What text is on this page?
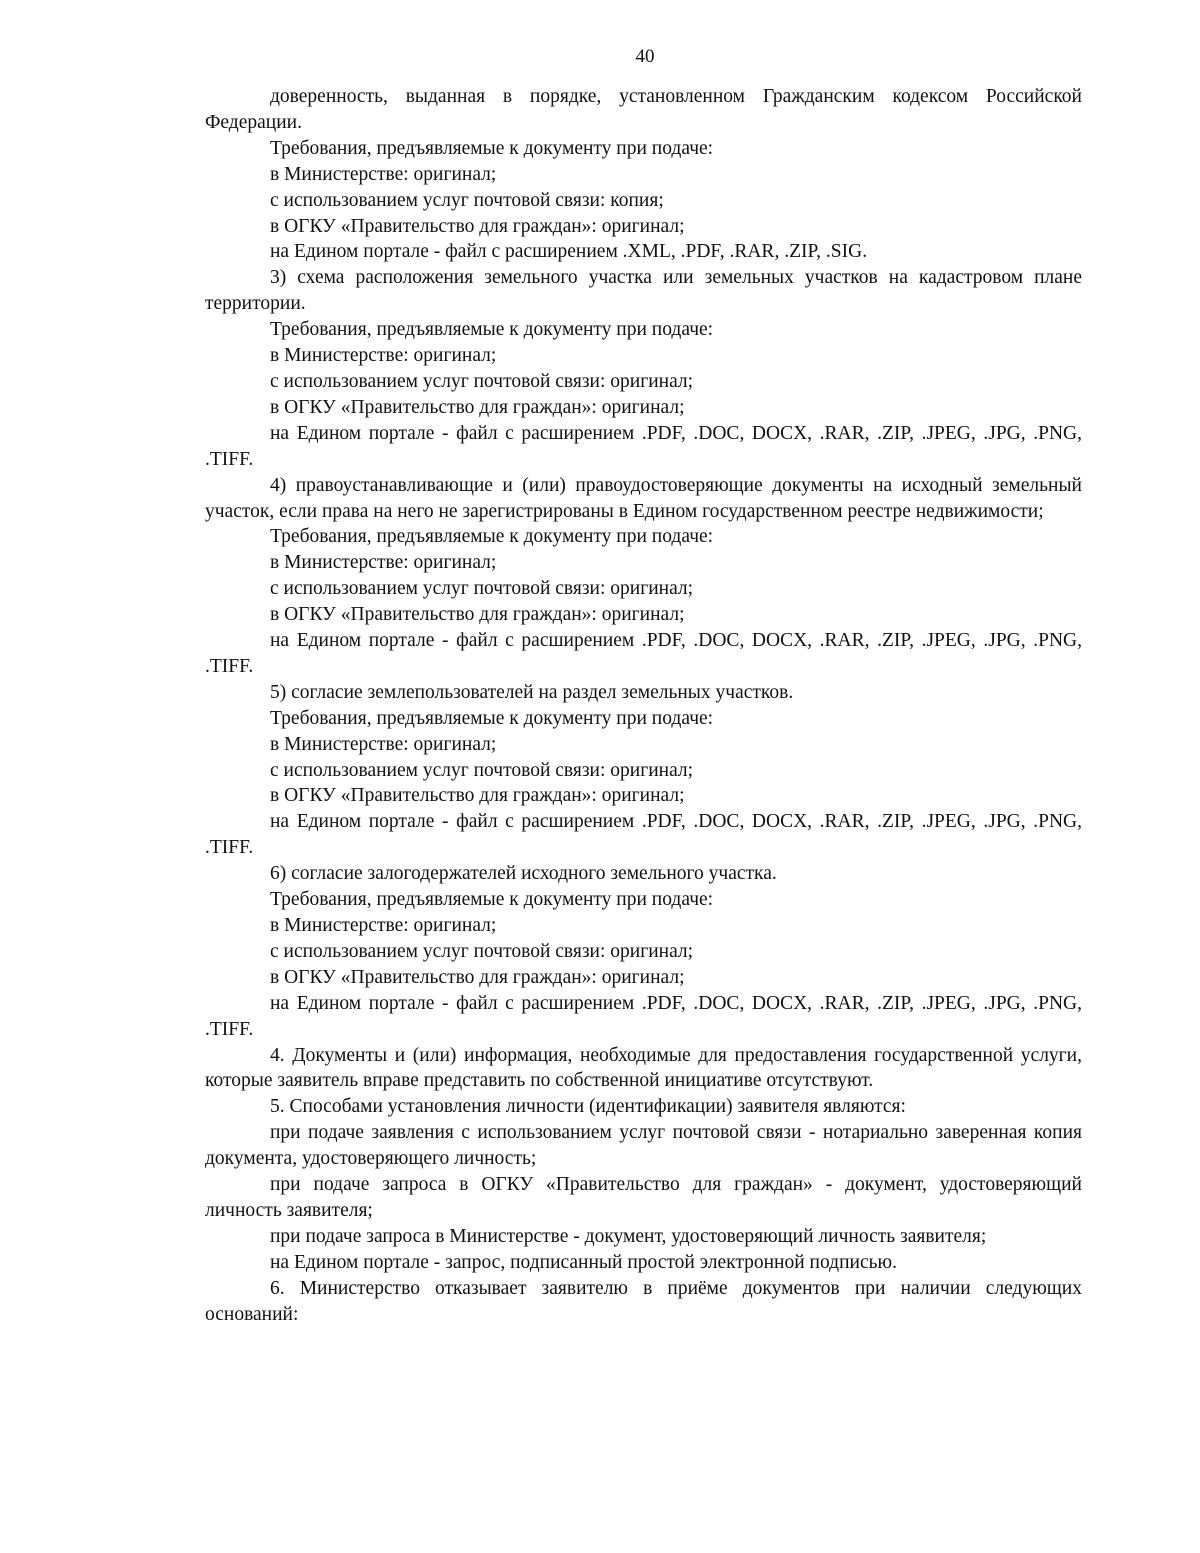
40

доверенность, выданная в порядке, установленном Гражданским кодексом Российской Федерации.

Требования, предъявляемые к документу при подаче:

в Министерстве: оригинал;

с использованием услуг почтовой связи: копия;

в ОГКУ «Правительство для граждан»: оригинал;

на Едином портале - файл с расширением .XML, .PDF, .RAR, .ZIP, .SIG.

3) схема расположения земельного участка или земельных участков на кадастровом плане территории.

Требования, предъявляемые к документу при подаче:

в Министерстве: оригинал;

с использованием услуг почтовой связи: оригинал;

в ОГКУ «Правительство для граждан»: оригинал;

на Едином портале - файл с расширением .PDF, .DOC, DOCX, .RAR, .ZIP, .JPEG, .JPG, .PNG, .TIFF.

4) правоустанавливающие и (или) правоудостоверяющие документы на исходный земельный участок, если права на него не зарегистрированы в Едином государственном реестре недвижимости;

Требования, предъявляемые к документу при подаче:

в Министерстве: оригинал;

с использованием услуг почтовой связи: оригинал;

в ОГКУ «Правительство для граждан»: оригинал;

на Едином портале - файл с расширением .PDF, .DOC, DOCX, .RAR, .ZIP, .JPEG, .JPG, .PNG, .TIFF.

5) согласие землепользователей на раздел земельных участков.

Требования, предъявляемые к документу при подаче:

в Министерстве: оригинал;

с использованием услуг почтовой связи: оригинал;

в ОГКУ «Правительство для граждан»: оригинал;

на Едином портале - файл с расширением .PDF, .DOC, DOCX, .RAR, .ZIP, .JPEG, .JPG, .PNG, .TIFF.

6) согласие залогодержателей исходного земельного участка.

Требования, предъявляемые к документу при подаче:

в Министерстве: оригинал;

с использованием услуг почтовой связи: оригинал;

в ОГКУ «Правительство для граждан»: оригинал;

на Едином портале - файл с расширением .PDF, .DOC, DOCX, .RAR, .ZIP, .JPEG, .JPG, .PNG, .TIFF.

4. Документы и (или) информация, необходимые для предоставления государственной услуги, которые заявитель вправе представить по собственной инициативе отсутствуют.

5. Способами установления личности (идентификации) заявителя являются:

при подаче заявления с использованием услуг почтовой связи - нотариально заверенная копия документа, удостоверяющего личность;

при подаче запроса в ОГКУ «Правительство для граждан» - документ, удостоверяющий личность заявителя;

при подаче запроса в Министерстве - документ, удостоверяющий личность заявителя;

на Едином портале - запрос, подписанный простой электронной подписью.

6. Министерство отказывает заявителю в приёме документов при наличии следующих оснований:
